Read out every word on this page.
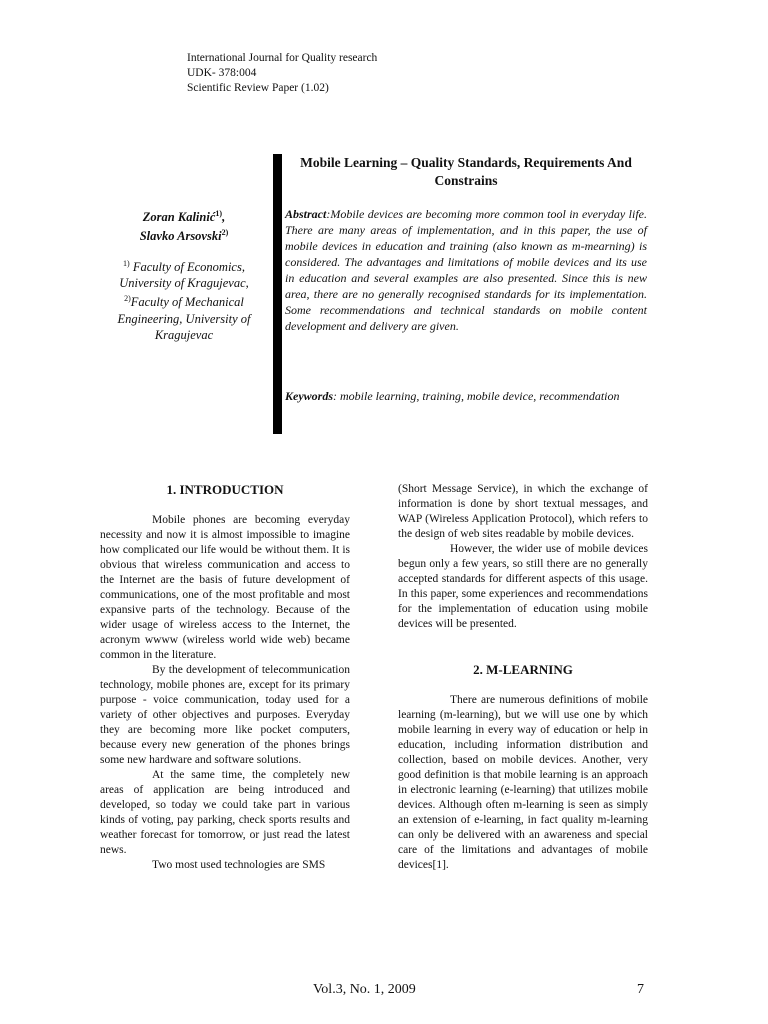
International Journal for Quality research
UDK- 378:004
Scientific Review Paper (1.02)
Mobile Learning – Quality Standards, Requirements And Constrains
Zoran Kalinić$^{1)}$,
Slavko Arsovski$^{2)}$
$^{1)}$ Faculty of Economics, University of Kragujevac,
$^{2)}$Faculty of Mechanical Engineering, University of Kragujevac
Abstract:Mobile devices are becoming more common tool in everyday life. There are many areas of implementation, and in this paper, the use of mobile devices in education and training (also known as m-mearning) is considered. The advantages and limitations of mobile devices and its use in education and several examples are also presented. Since this is new area, there are no generally recognised standards for its implementation. Some recommendations and technical standards on mobile content development and delivery are given.
Keywords: mobile learning, training, mobile device, recommendation
1. INTRODUCTION

Mobile phones are becoming everyday necessity and now it is almost impossible to imagine how complicated our life would be without them. It is obvious that wireless communication and access to the Internet are the basis of future development of communications, one of the most profitable and most expansive parts of the technology. Because of the wider usage of wireless access to the Internet, the acronym wwww (wireless world wide web) became common in the literature.

By the development of telecommunication technology, mobile phones are, except for its primary purpose - voice communication, today used for a variety of other objectives and purposes. Everyday they are becoming more like pocket computers, because every new generation of the phones brings some new hardware and software solutions.

At the same time, the completely new areas of application are being introduced and developed, so today we could take part in various kinds of voting, pay parking, check sports results and weather forecast for tomorrow, or just read the latest news.

Two most used technologies are SMS

(Short Message Service), in which the exchange of information is done by short textual messages, and WAP (Wireless Application Protocol), which refers to the design of web sites readable by mobile devices.

However, the wider use of mobile devices begun only a few years, so still there are no generally accepted standards for different aspects of this usage. In this paper, some experiences and recommendations for the implementation of education using mobile devices will be presented.

2. M-LEARNING

There are numerous definitions of mobile learning (m-learning), but we will use one by which mobile learning in every way of education or help in education, including information distribution and collection, based on mobile devices. Another, very good definition is that mobile learning is an approach in electronic learning (e-learning) that utilizes mobile devices. Although often m-learning is seen as simply an extension of e-learning, in fact quality m-learning can only be delivered with an awareness and special care of the limitations and advantages of mobile devices[1].

Vol.3, No. 1, 2009	7
